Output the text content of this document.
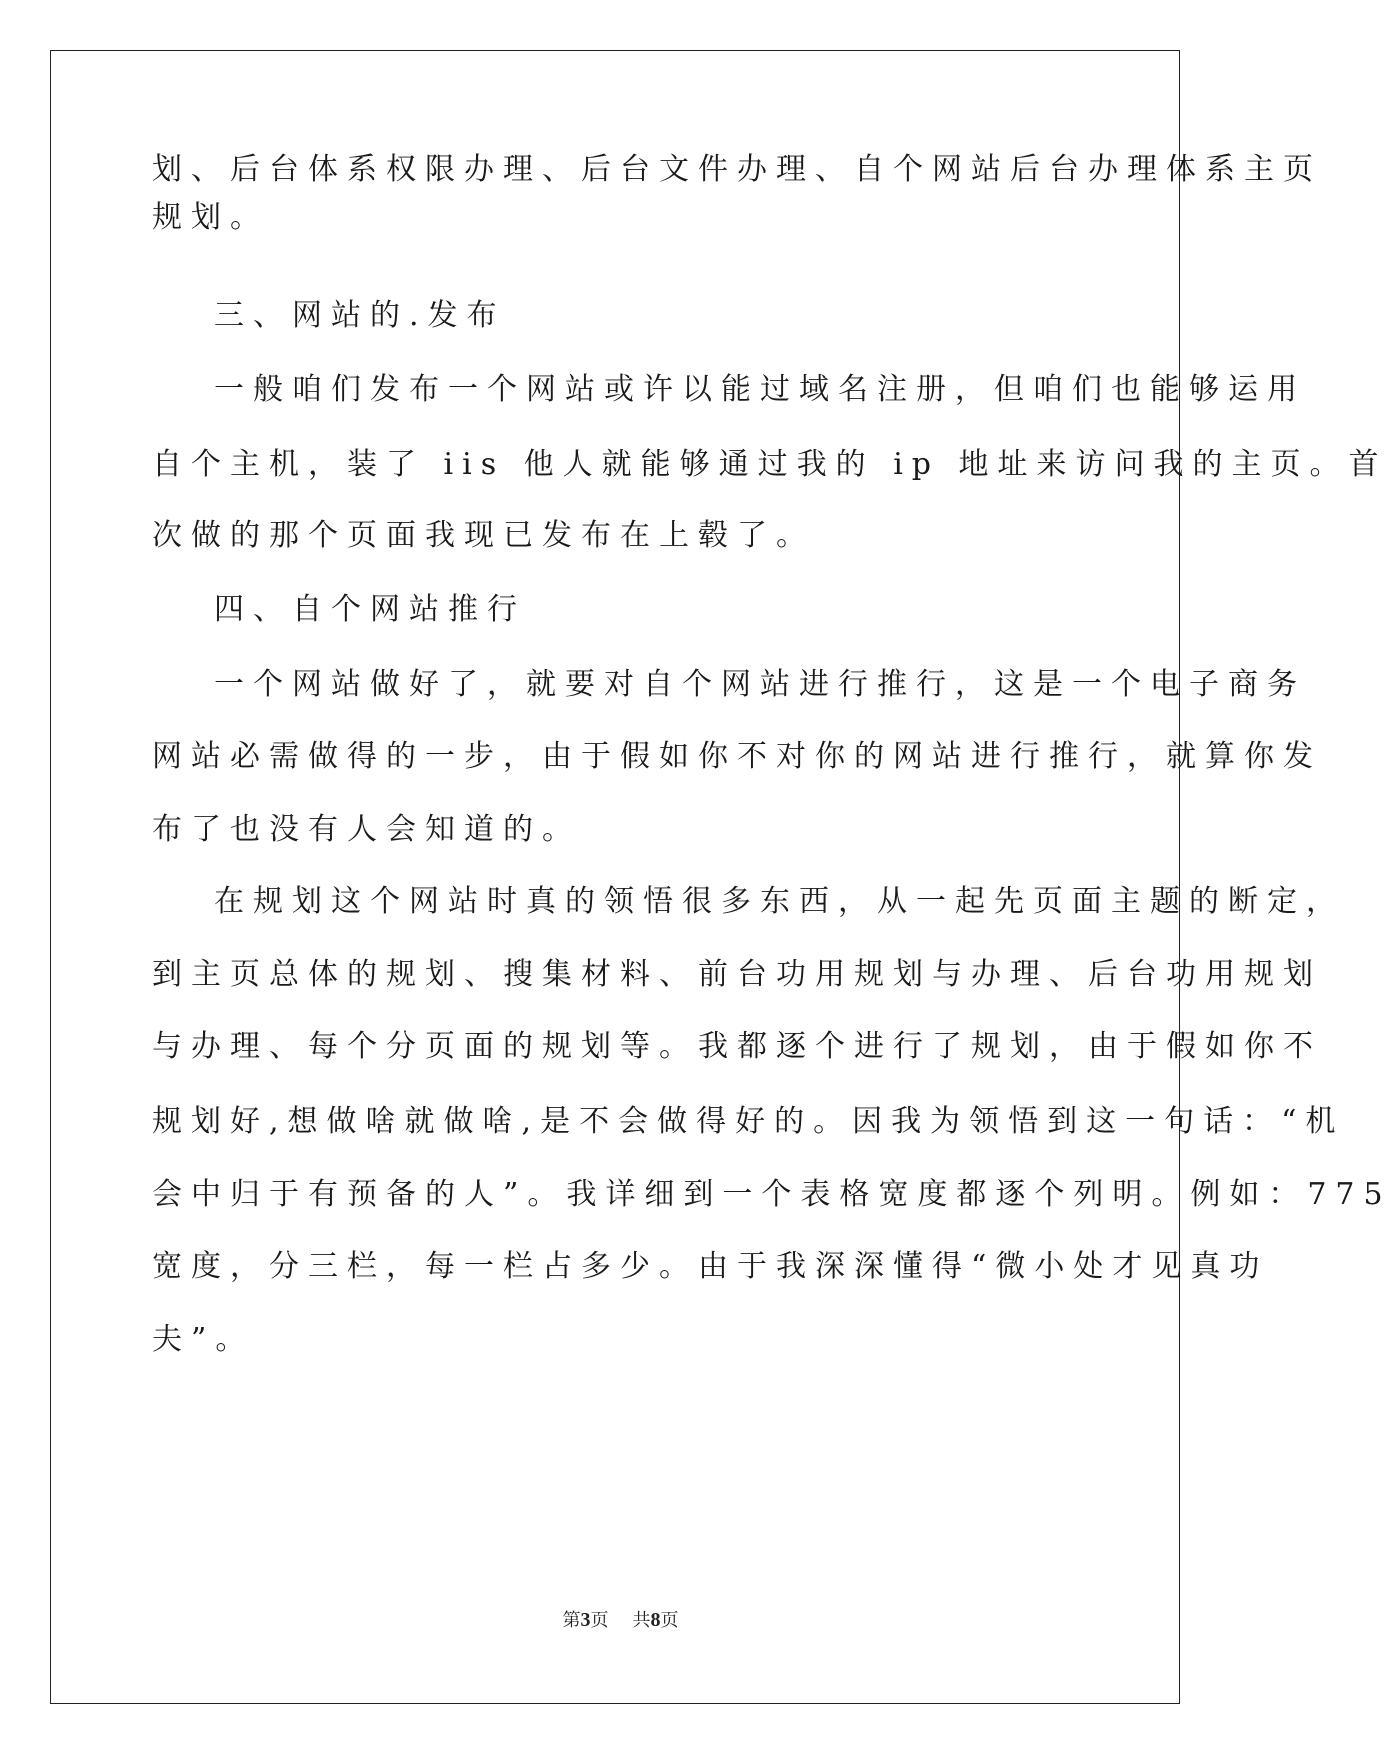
划、后台体系权限办理、后台文件办理、自个网站后台办理体系主页
规划。
三、网站的.发布
一般咱们发布一个网站或许以能过域名注册，但咱们也能够运用
自个主机，装了 iis 他人就能够通过我的 ip 地址来访问我的主页。首
次做的那个页面我现已发布在上毂了。
四、自个网站推行
一个网站做好了，就要对自个网站进行推行，这是一个电子商务
网站必需做得的一步，由于假如你不对你的网站进行推行，就算你发
布了也没有人会知道的。
在规划这个网站时真的领悟很多东西，从一起先页面主题的断定，
到主页总体的规划、搜集材料、前台功用规划与办理、后台功用规划
与办理、每个分页面的规划等。我都逐个进行了规划，由于假如你不
规划好,想做啥就做啥,是不会做得好的。因我为领悟到这一句话：“机
会中归于有预备的人”。我详细到一个表格宽度都逐个列明。例如：775
宽度，分三栏，每一栏占多少。由于我深深懂得“微小处才见真功
夫”。
第3页 共8页
